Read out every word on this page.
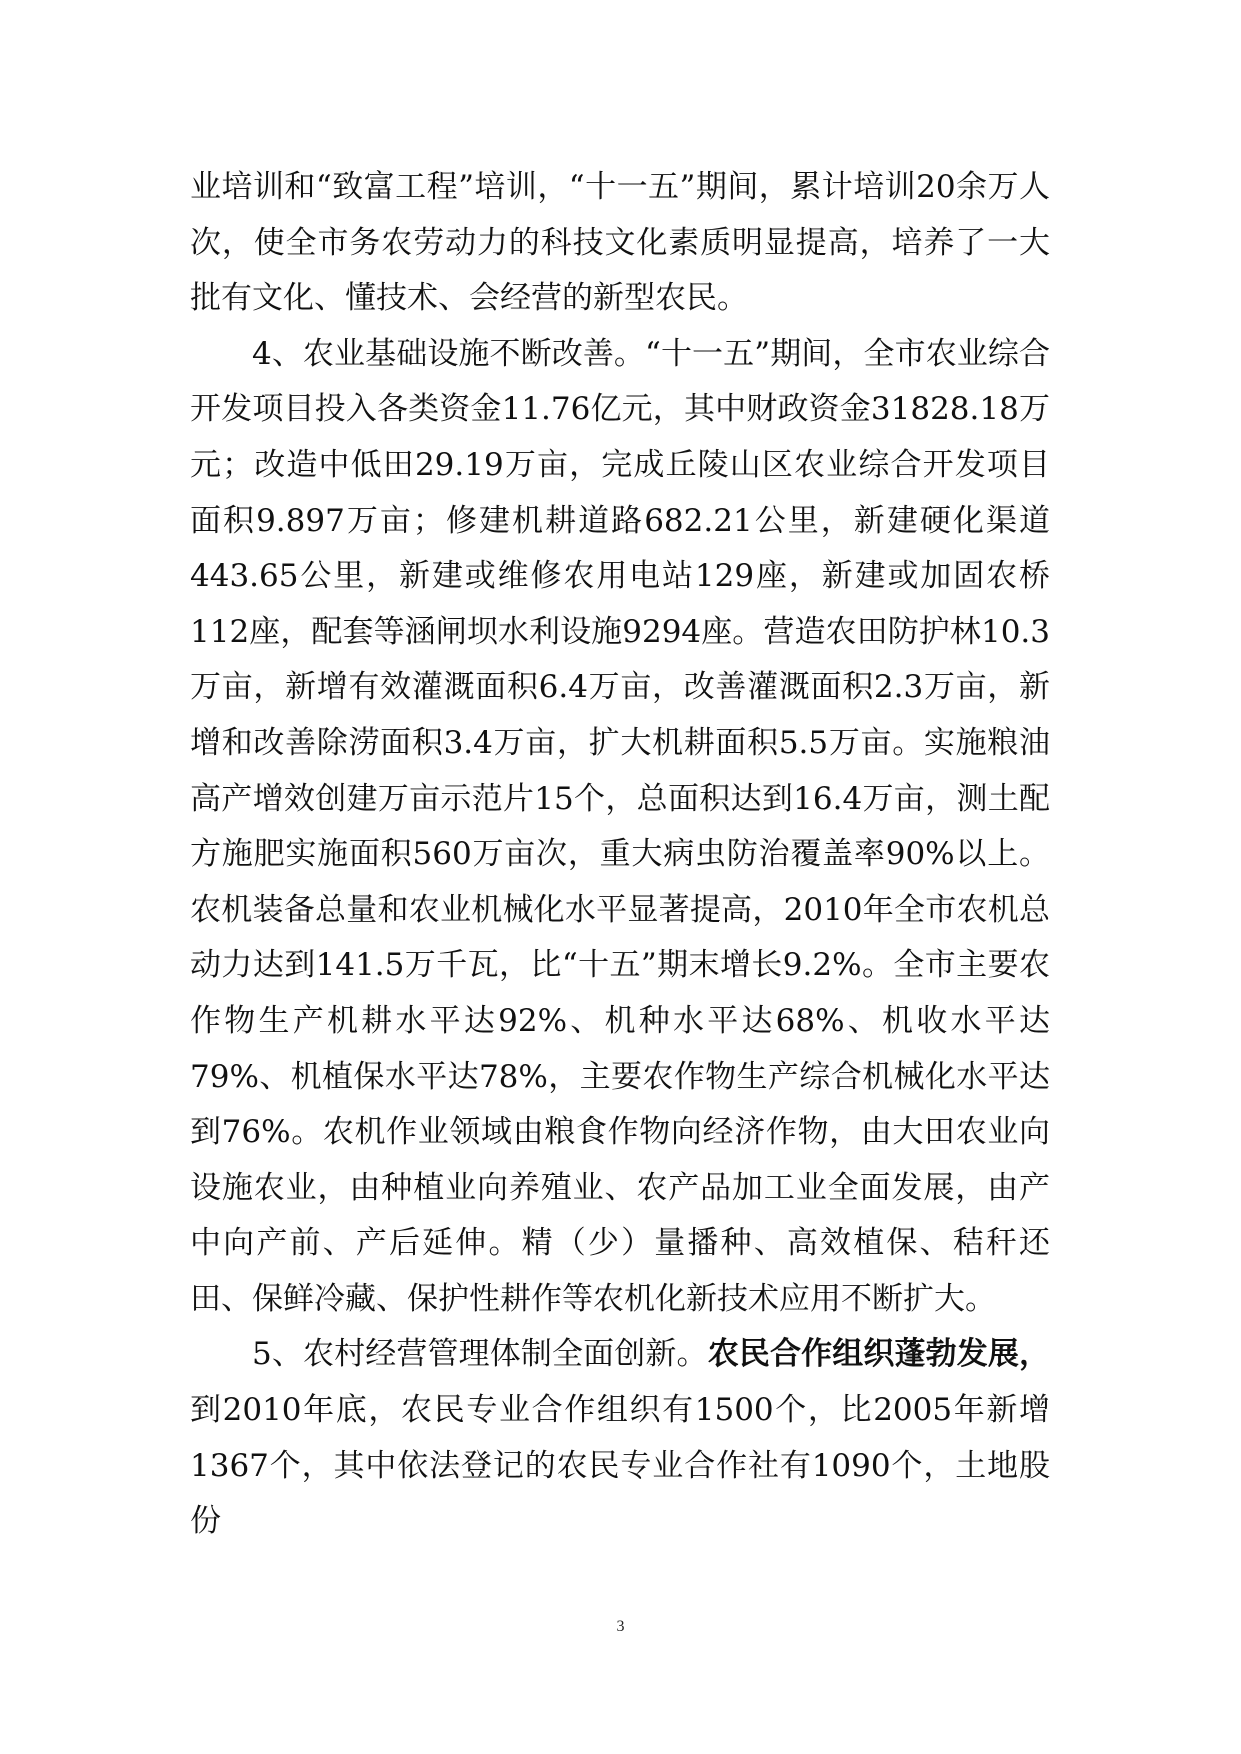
业培训和“致富工程”培训，“十一五”期间，累计培训20余万人次，使全市务农劳动力的科技文化素质明显提高，培养了一大批有文化、懂技术、会经营的新型农民。

4、农业基础设施不断改善。“十一五”期间，全市农业综合开发项目投入各类资金11.76亿元，其中财政资金31828.18万元；改造中低田29.19万亩，完成丘陵山区农业综合开发项目面积9.897万亩；修建机耕道路682.21公里，新建硬化渠道443.65公里，新建或维修农用电站129座，新建或加固农桥112座，配套等涵闸坝水利设施9294座。营造农田防护林10.3万亩，新增有效灌溉面积6.4万亩，改善灌溉面积2.3万亩，新增和改善除涝面积3.4万亩，扩大机耕面积5.5万亩。实施粮油高产增效创建万亩示范片15个，总面积达到16.4万亩，测土配方施肥实施面积560万亩次，重大病虫防治覆盖率90%以上。农机装备总量和农业机械化水平显著提高，2010年全市农机总动力达到141.5万千瓦，比“十五”期末增长9.2%。全市主要农作物生产机耕水平达92%、机种水平达68%、机收水平达79%、机植保水平达78%，主要农作物生产综合机械化水平达到76%。农机作业领域由粮食作物向经济作物，由大田农业向设施农业，由种植业向养殖业、农产品加工业全面发展，由产中向产前、产后延伸。精（少）量播种、高效植保、秸秆还田、保鲜冷藏、保护性耕作等农机化新技术应用不断扩大。

5、农村经营管理体制全面创新。农民合作组织蓬勃发展，到2010年底，农民专业合作组织有1500个，比2005年新增1367个，其中依法登记的农民专业合作社有1090个，土地股份

3
